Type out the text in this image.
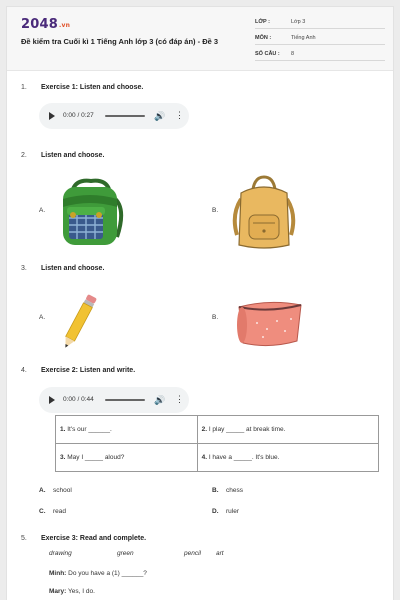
2048.vn
Đề kiểm tra Cuối kì 1 Tiếng Anh lớp 3 (có đáp án) - Đề 3
LỚP :	Lớp 3
MÔN :	Tiếng Anh
SỐ CÂU : 8
1. Exercise 1: Listen and choose.
0:00 / 0:27	🔊 ⋮
2. Listen and choose.
A.	B.
3. Listen and choose.
A.	B.
4. Exercise 2: Listen and write.
0:00 / 0:44	🔊 ⋮
1. It's our ______.	2. I play _____ at break time.
3. May I _____ aloud?	4. I have a _____. It's blue.
A. school	B. chess
C. read	D. ruler
5. Exercise 3: Read and complete.
drawing	green	pencil art
Minh: Do you have a (1) ______?
Mary: Yes, I do.
